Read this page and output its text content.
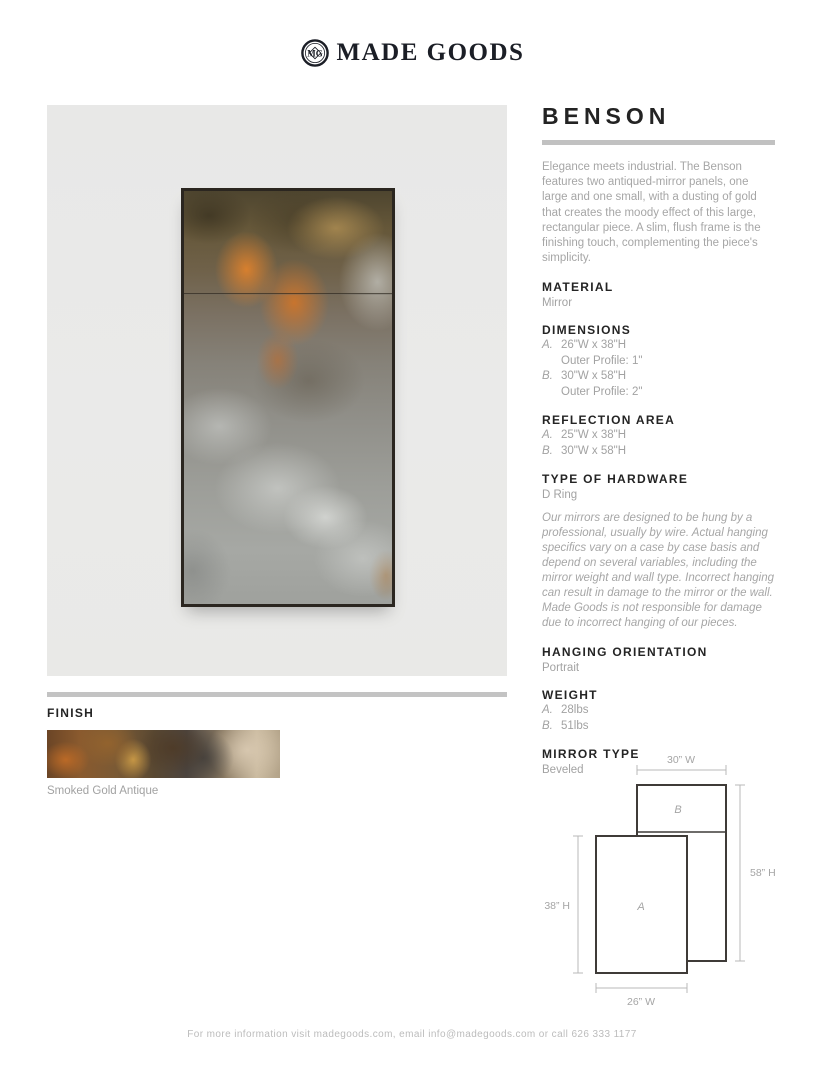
MG MADE GOODS
FINISH
Smoked Gold Antique
BENSON
Elegance meets industrial. The Benson features two antiqued-mirror panels, one large and one small, with a dusting of gold that creates the moody effect of this large, rectangular piece. A slim, flush frame is the finishing touch, complementing the piece's simplicity.
MATERIAL
Mirror
DIMENSIONS
A. 26"W x 38"H
Outer Profile: 1"
B. 30"W x 58"H
Outer Profile: 2"
REFLECTION AREA
A. 25"W x 38"H
B. 30"W x 58"H
TYPE OF HARDWARE
D Ring
Our mirrors are designed to be hung by a professional, usually by wire. Actual hanging specifics vary on a case by case basis and depend on several variables, including the mirror weight and wall type. Incorrect hanging can result in damage to the mirror or the wall. Made Goods is not responsible for damage due to incorrect hanging of our pieces.
HANGING ORIENTATION
Portrait
WEIGHT
A. 28lbs
B. 51lbs
MIRROR TYPE
Beveled
30” W
58” H
38” H
26” W
B
A
For more information visit madegoods.com, email info@madegoods.com or call 626 333 1177
